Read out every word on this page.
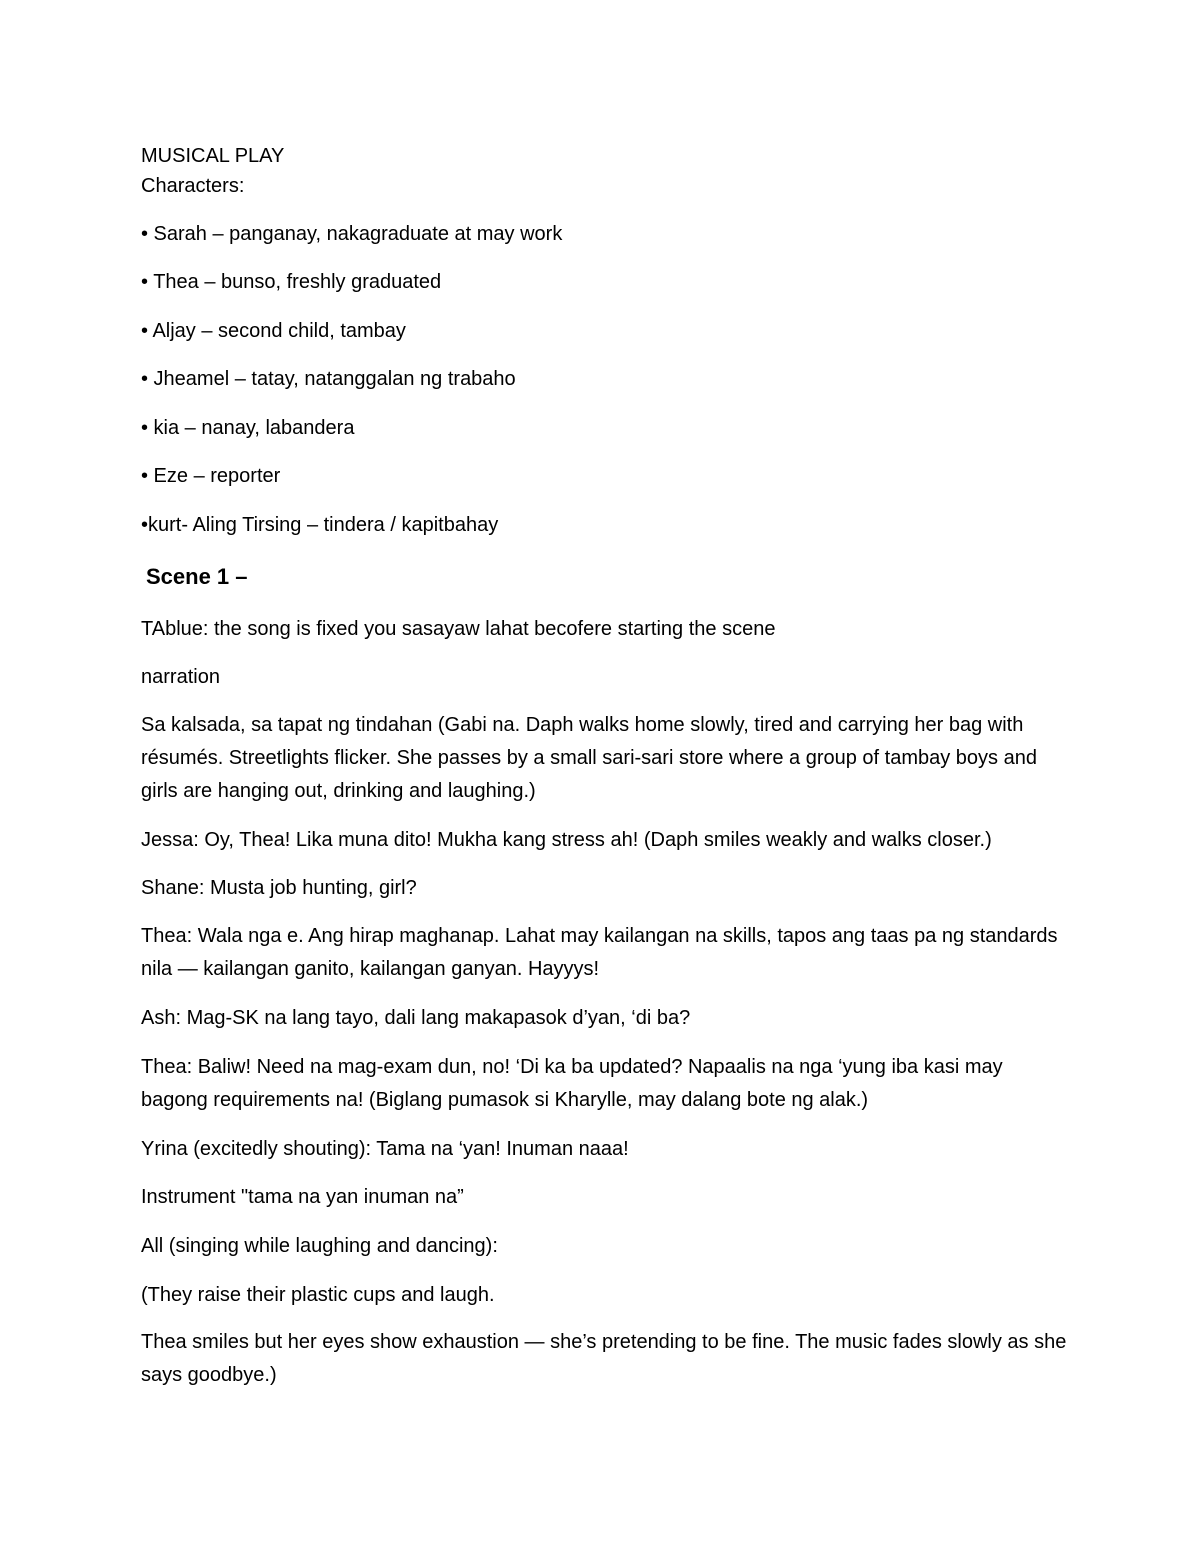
MUSICAL PLAY
Characters:
• Sarah – panganay, nakagraduate at may work
• Thea – bunso, freshly graduated
• Aljay – second child, tambay
• Jheamel – tatay, natanggalan ng trabaho
• kia – nanay, labandera
• Eze – reporter
•kurt- Aling Tirsing – tindera / kapitbahay
Scene 1 –
TAblue: the song is fixed you sasayaw lahat becofere starting the scene
narration
Sa kalsada, sa tapat ng tindahan (Gabi na. Daph walks home slowly, tired and carrying her bag with résumés. Streetlights flicker. She passes by a small sari-sari store where a group of tambay boys and girls are hanging out, drinking and laughing.)
Jessa: Oy, Thea! Lika muna dito! Mukha kang stress ah! (Daph smiles weakly and walks closer.)
Shane: Musta job hunting, girl?
Thea: Wala nga e. Ang hirap maghanap. Lahat may kailangan na skills, tapos ang taas pa ng standards nila — kailangan ganito, kailangan ganyan. Hayyys!
Ash: Mag-SK na lang tayo, dali lang makapasok d’yan, ‘di ba?
Thea: Baliw! Need na mag-exam dun, no! ‘Di ka ba updated? Napaalis na nga ‘yung iba kasi may bagong requirements na! (Biglang pumasok si Kharylle, may dalang bote ng alak.)
Yrina (excitedly shouting): Tama na ‘yan! Inuman naaa!
Instrument "tama na yan inuman na”
All (singing while laughing and dancing):
(They raise their plastic cups and laugh.
Thea smiles but her eyes show exhaustion — she’s pretending to be fine. The music fades slowly as she says goodbye.)
